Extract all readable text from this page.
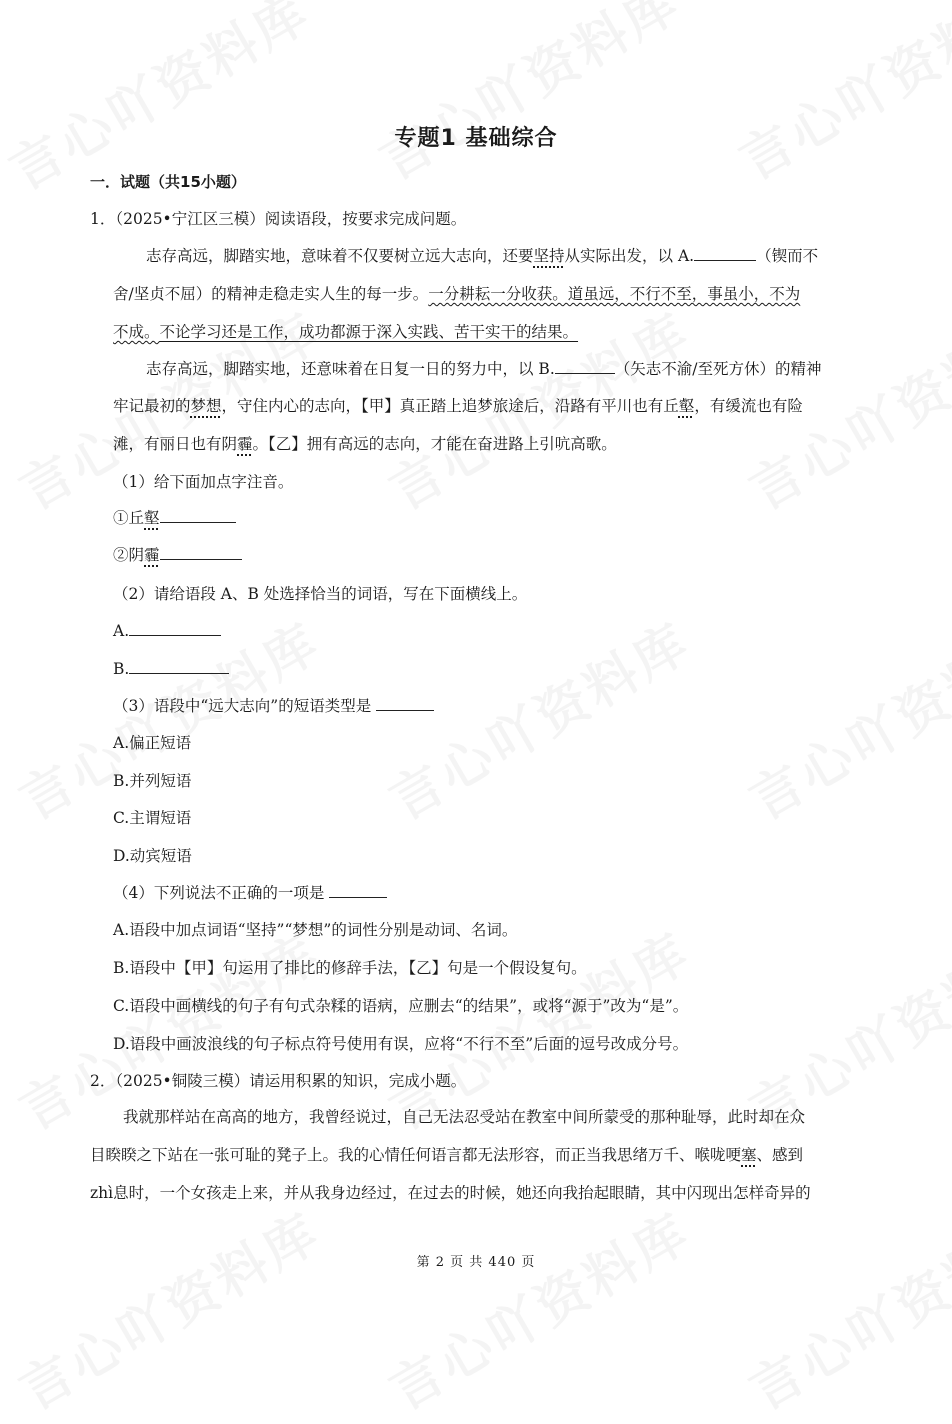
专题1 基础综合
一．试题（共15小题）
1．（2025•宁江区三模）阅读语段，按要求完成问题。
志存高远，脚踏实地，意味着不仅要树立远大志向，还要坚持从实际出发，以 A.	（锲而不
舍/坚贞不屈）的精神走稳走实人生的每一步。一分耕耘一分收获。道虽远，不行不至，事虽小，不为
不成。不论学习还是工作，成功都源于深入实践、苦干实干的结果。
志存高远，脚踏实地，还意味着在日复一日的努力中，以 B.	（矢志不渝/至死方休）的精神
牢记最初的梦想，守住内心的志向，【甲】真正踏上追梦旅途后，沿路有平川也有丘壑，有缓流也有险
滩，有丽日也有阴霾。【乙】拥有高远的志向，才能在奋进路上引吭高歌。
（1）给下面加点字注音。
①丘壑
②阴霾
（2）请给语段 A、B 处选择恰当的词语，写在下面横线上。
A.
B.
（3）语段中“远大志向”的短语类型是
A.偏正短语
B.并列短语
C.主谓短语
D.动宾短语
（4）下列说法不正确的一项是
A.语段中加点词语“坚持”“梦想”的词性分别是动词、名词。
B.语段中【甲】句运用了排比的修辞手法，【乙】句是一个假设复句。
C.语段中画横线的句子有句式杂糅的语病，应删去“的结果”，或将“源于”改为“是”。
D.语段中画波浪线的句子标点符号使用有误，应将“不行不至”后面的逗号改成分号。
2．（2025•铜陵三模）请运用积累的知识，完成小题。
我就那样站在高高的地方，我曾经说过，自己无法忍受站在教室中间所蒙受的那种耻辱，此时却在众
目睽睽之下站在一张可耻的凳子上。我的心情任何语言都无法形容，而正当我思绪万千、喉咙哽塞、感到
zhì息时，一个女孩走上来，并从我身边经过，在过去的时候，她还向我抬起眼睛，其中闪现出怎样奇异的
第 2 页 共 440 页
